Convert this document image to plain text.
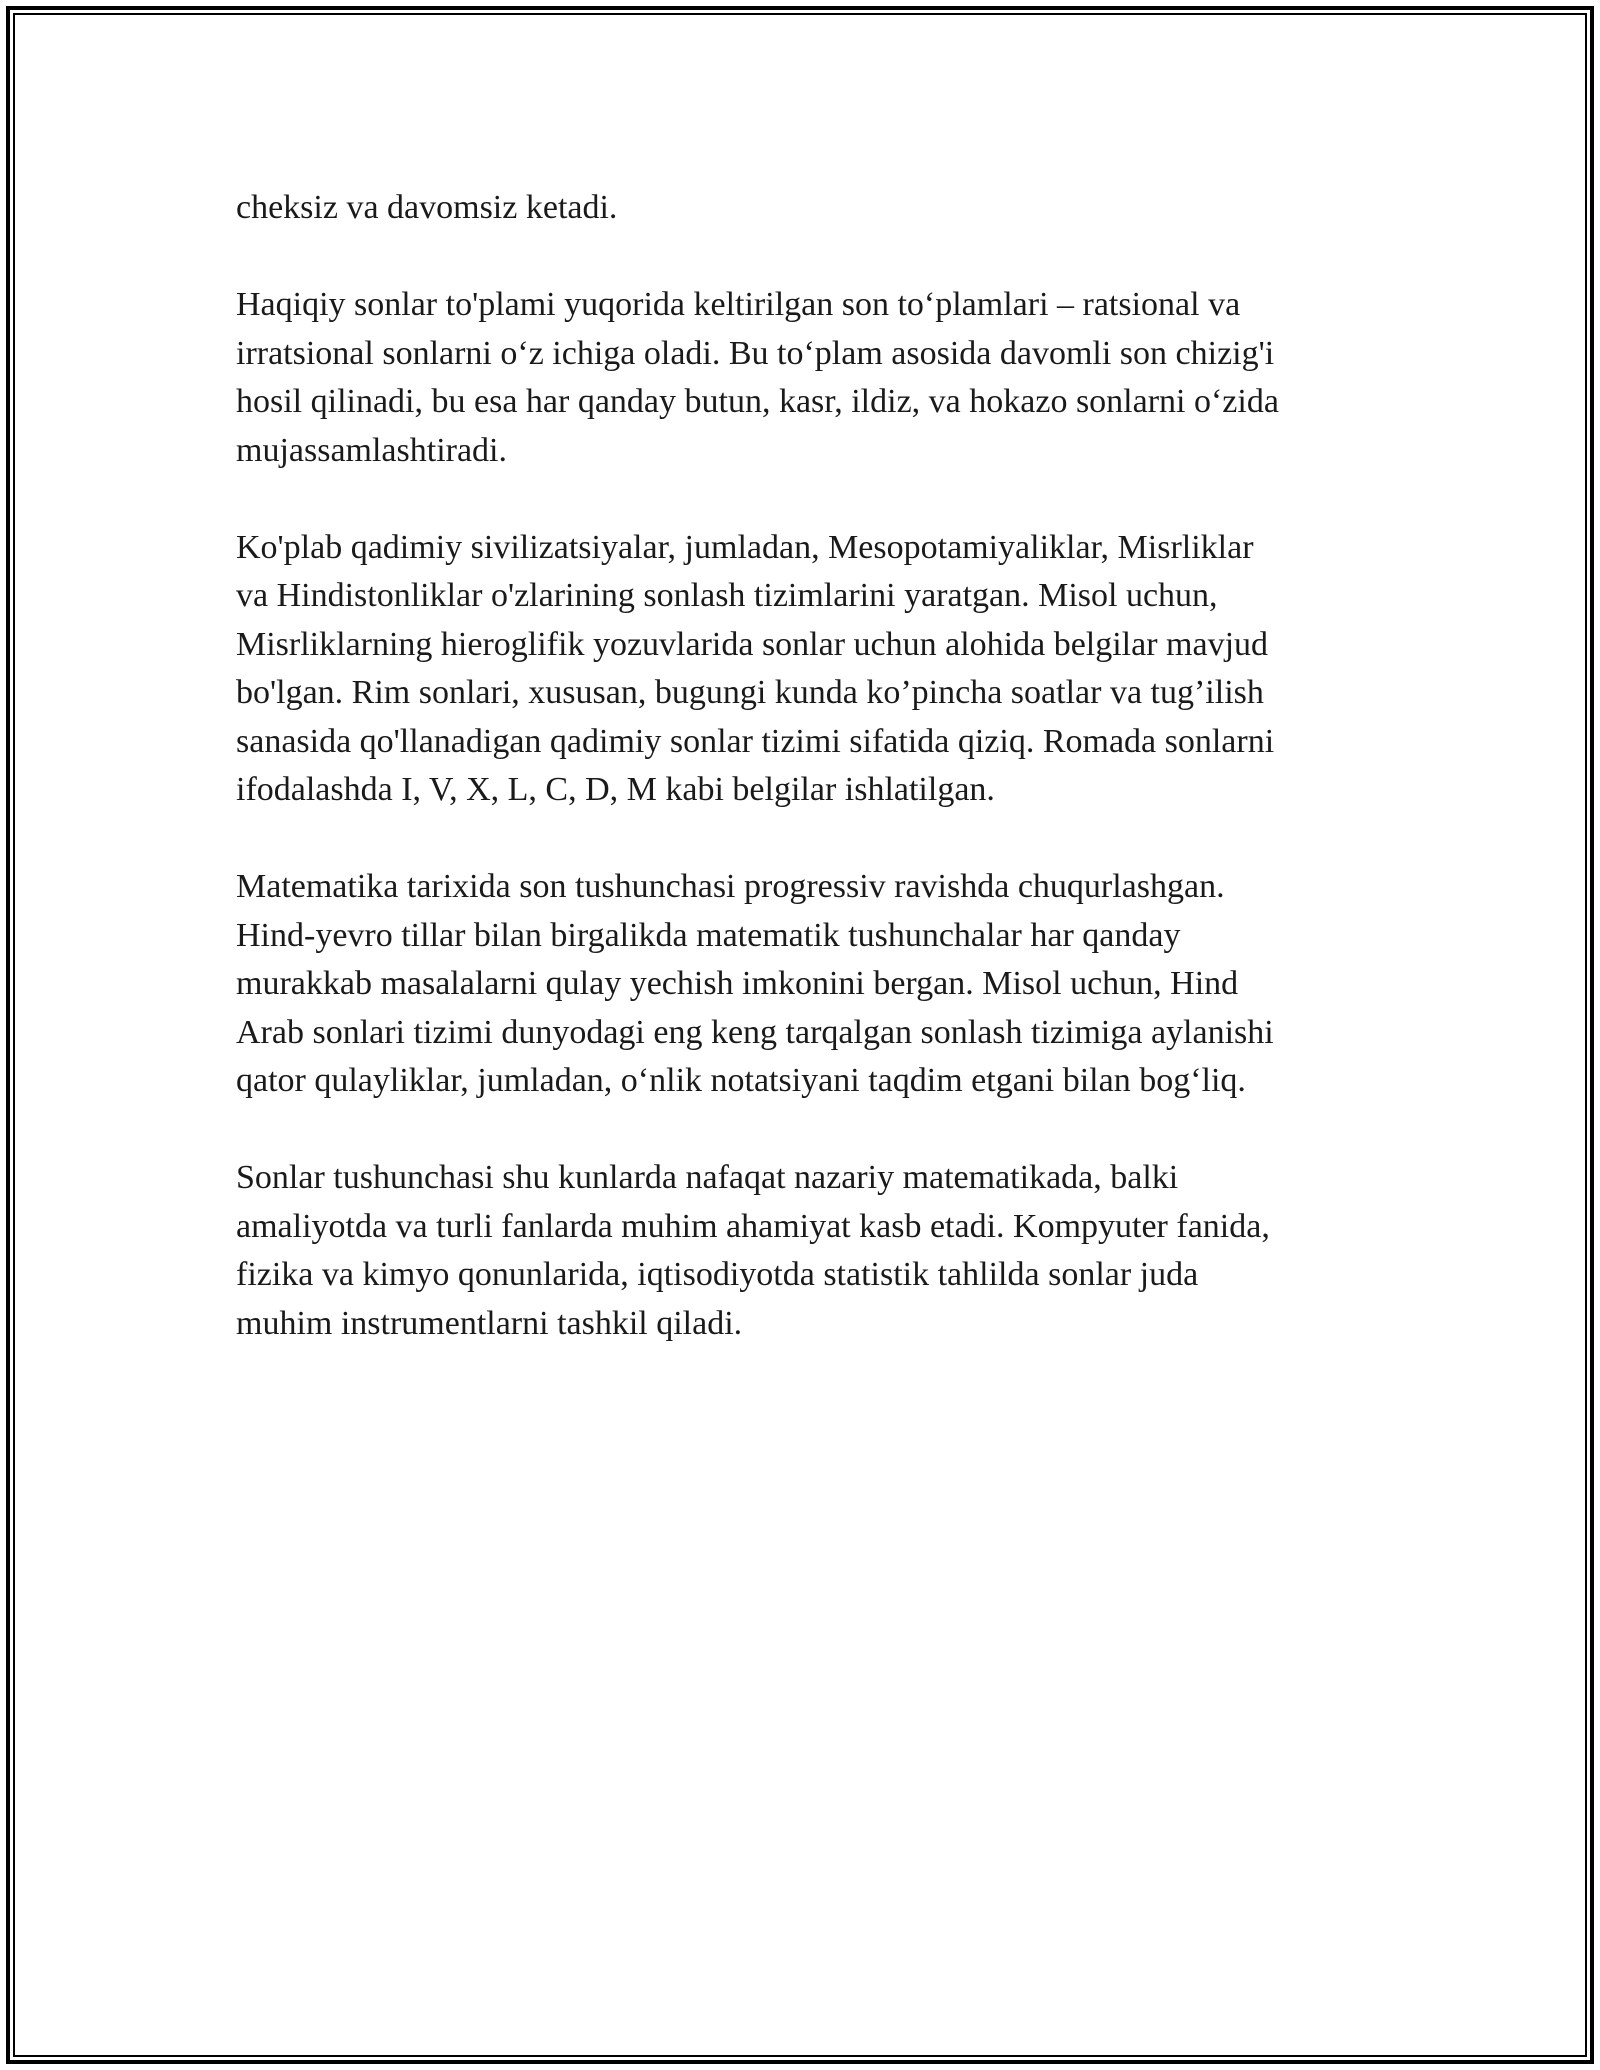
cheksiz va davomsiz ketadi.

Haqiqiy sonlar to'plami yuqorida keltirilgan son to‘plamlari – ratsional va
irratsional sonlarni o‘z ichiga oladi. Bu to‘plam asosida davomli son chizig'i
hosil qilinadi, bu esa har qanday butun, kasr, ildiz, va hokazo sonlarni o‘zida
mujassamlashtiradi.

Ko'plab qadimiy sivilizatsiyalar, jumladan, Mesopotamiyaliklar, Misrliklar
va Hindistonliklar o'zlarining sonlash tizimlarini yaratgan. Misol uchun,
Misrliklarning hieroglifik yozuvlarida sonlar uchun alohida belgilar mavjud
bo'lgan. Rim sonlari, xususan, bugungi kunda ko’pincha soatlar va tug’ilish
sanasida qo'llanadigan qadimiy sonlar tizimi sifatida qiziq. Romada sonlarni
ifodalashda I, V, X, L, C, D, M kabi belgilar ishlatilgan.

Matematika tarixida son tushunchasi progressiv ravishda chuqurlashgan.
Hind-yevro tillar bilan birgalikda matematik tushunchalar har qanday
murakkab masalalarni qulay yechish imkonini bergan. Misol uchun, Hind
Arab sonlari tizimi dunyodagi eng keng tarqalgan sonlash tizimiga aylanishi
qator qulayliklar, jumladan, o‘nlik notatsiyani taqdim etgani bilan bog‘liq.

Sonlar tushunchasi shu kunlarda nafaqat nazariy matematikada, balki
amaliyotda va turli fanlarda muhim ahamiyat kasb etadi. Kompyuter fanida,
fizika va kimyo qonunlarida, iqtisodiyotda statistik tahlilda sonlar juda
muhim instrumentlarni tashkil qiladi.
